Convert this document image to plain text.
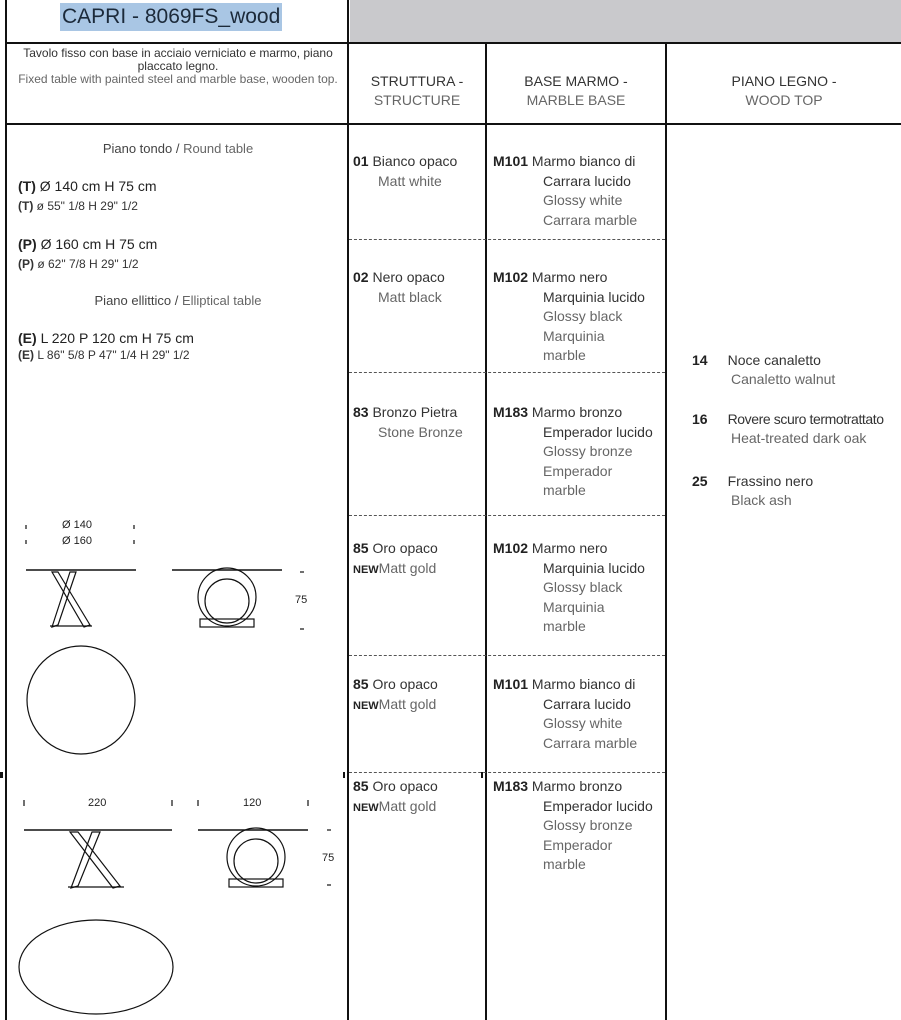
CAPRI - 8069FS_wood
Tavolo fisso con base in acciaio verniciato e marmo, piano placcato legno.
Fixed table with painted steel and marble base, wooden top.	STRUTTURA -
STRUCTURE
BASE MARMO -
MARBLE BASE
PIANO LEGNO -
WOOD TOP
Piano tondo / Round table
(T) Ø 140 cm H 75 cm
(T) ø 55" 1/8 H 29" 1/2
(P) Ø 160 cm H 75 cm
(P) ø 62" 7/8 H 29" 1/2
Piano ellittico / Elliptical table
(E) L 220 P 120 cm H 75 cm
(E) L 86" 5/8 P 47" 1/4 H 29" 1/2
Ø 140
Ø 160
75
220	120
75
01 Bianco opaco
Matt white
02 Nero opaco
Matt black
83 Bronzo Pietra
Stone Bronze
85 Oro opaco
NEWMatt gold
85 Oro opaco
NEWMatt gold
85 Oro opaco
NEWMatt gold
M101 Marmo bianco di
Carrara lucido
Glossy white
Carrara marble
M102 Marmo nero
Marquinia lucido
Glossy black
Marquinia
marble
M183 Marmo bronzo
Emperador lucido
Glossy bronze
Emperador
marble
M102 Marmo nero
Marquinia lucido
Glossy black
Marquinia
marble
M101 Marmo bianco di
Carrara lucido
Glossy white
Carrara marble
M183 Marmo bronzo
Emperador lucido
Glossy bronze
Emperador
marble
14 Noce canaletto
Canaletto walnut
16 Rovere scuro termotrattato
Heat-treated dark oak
25 Frassino nero
Black ash
